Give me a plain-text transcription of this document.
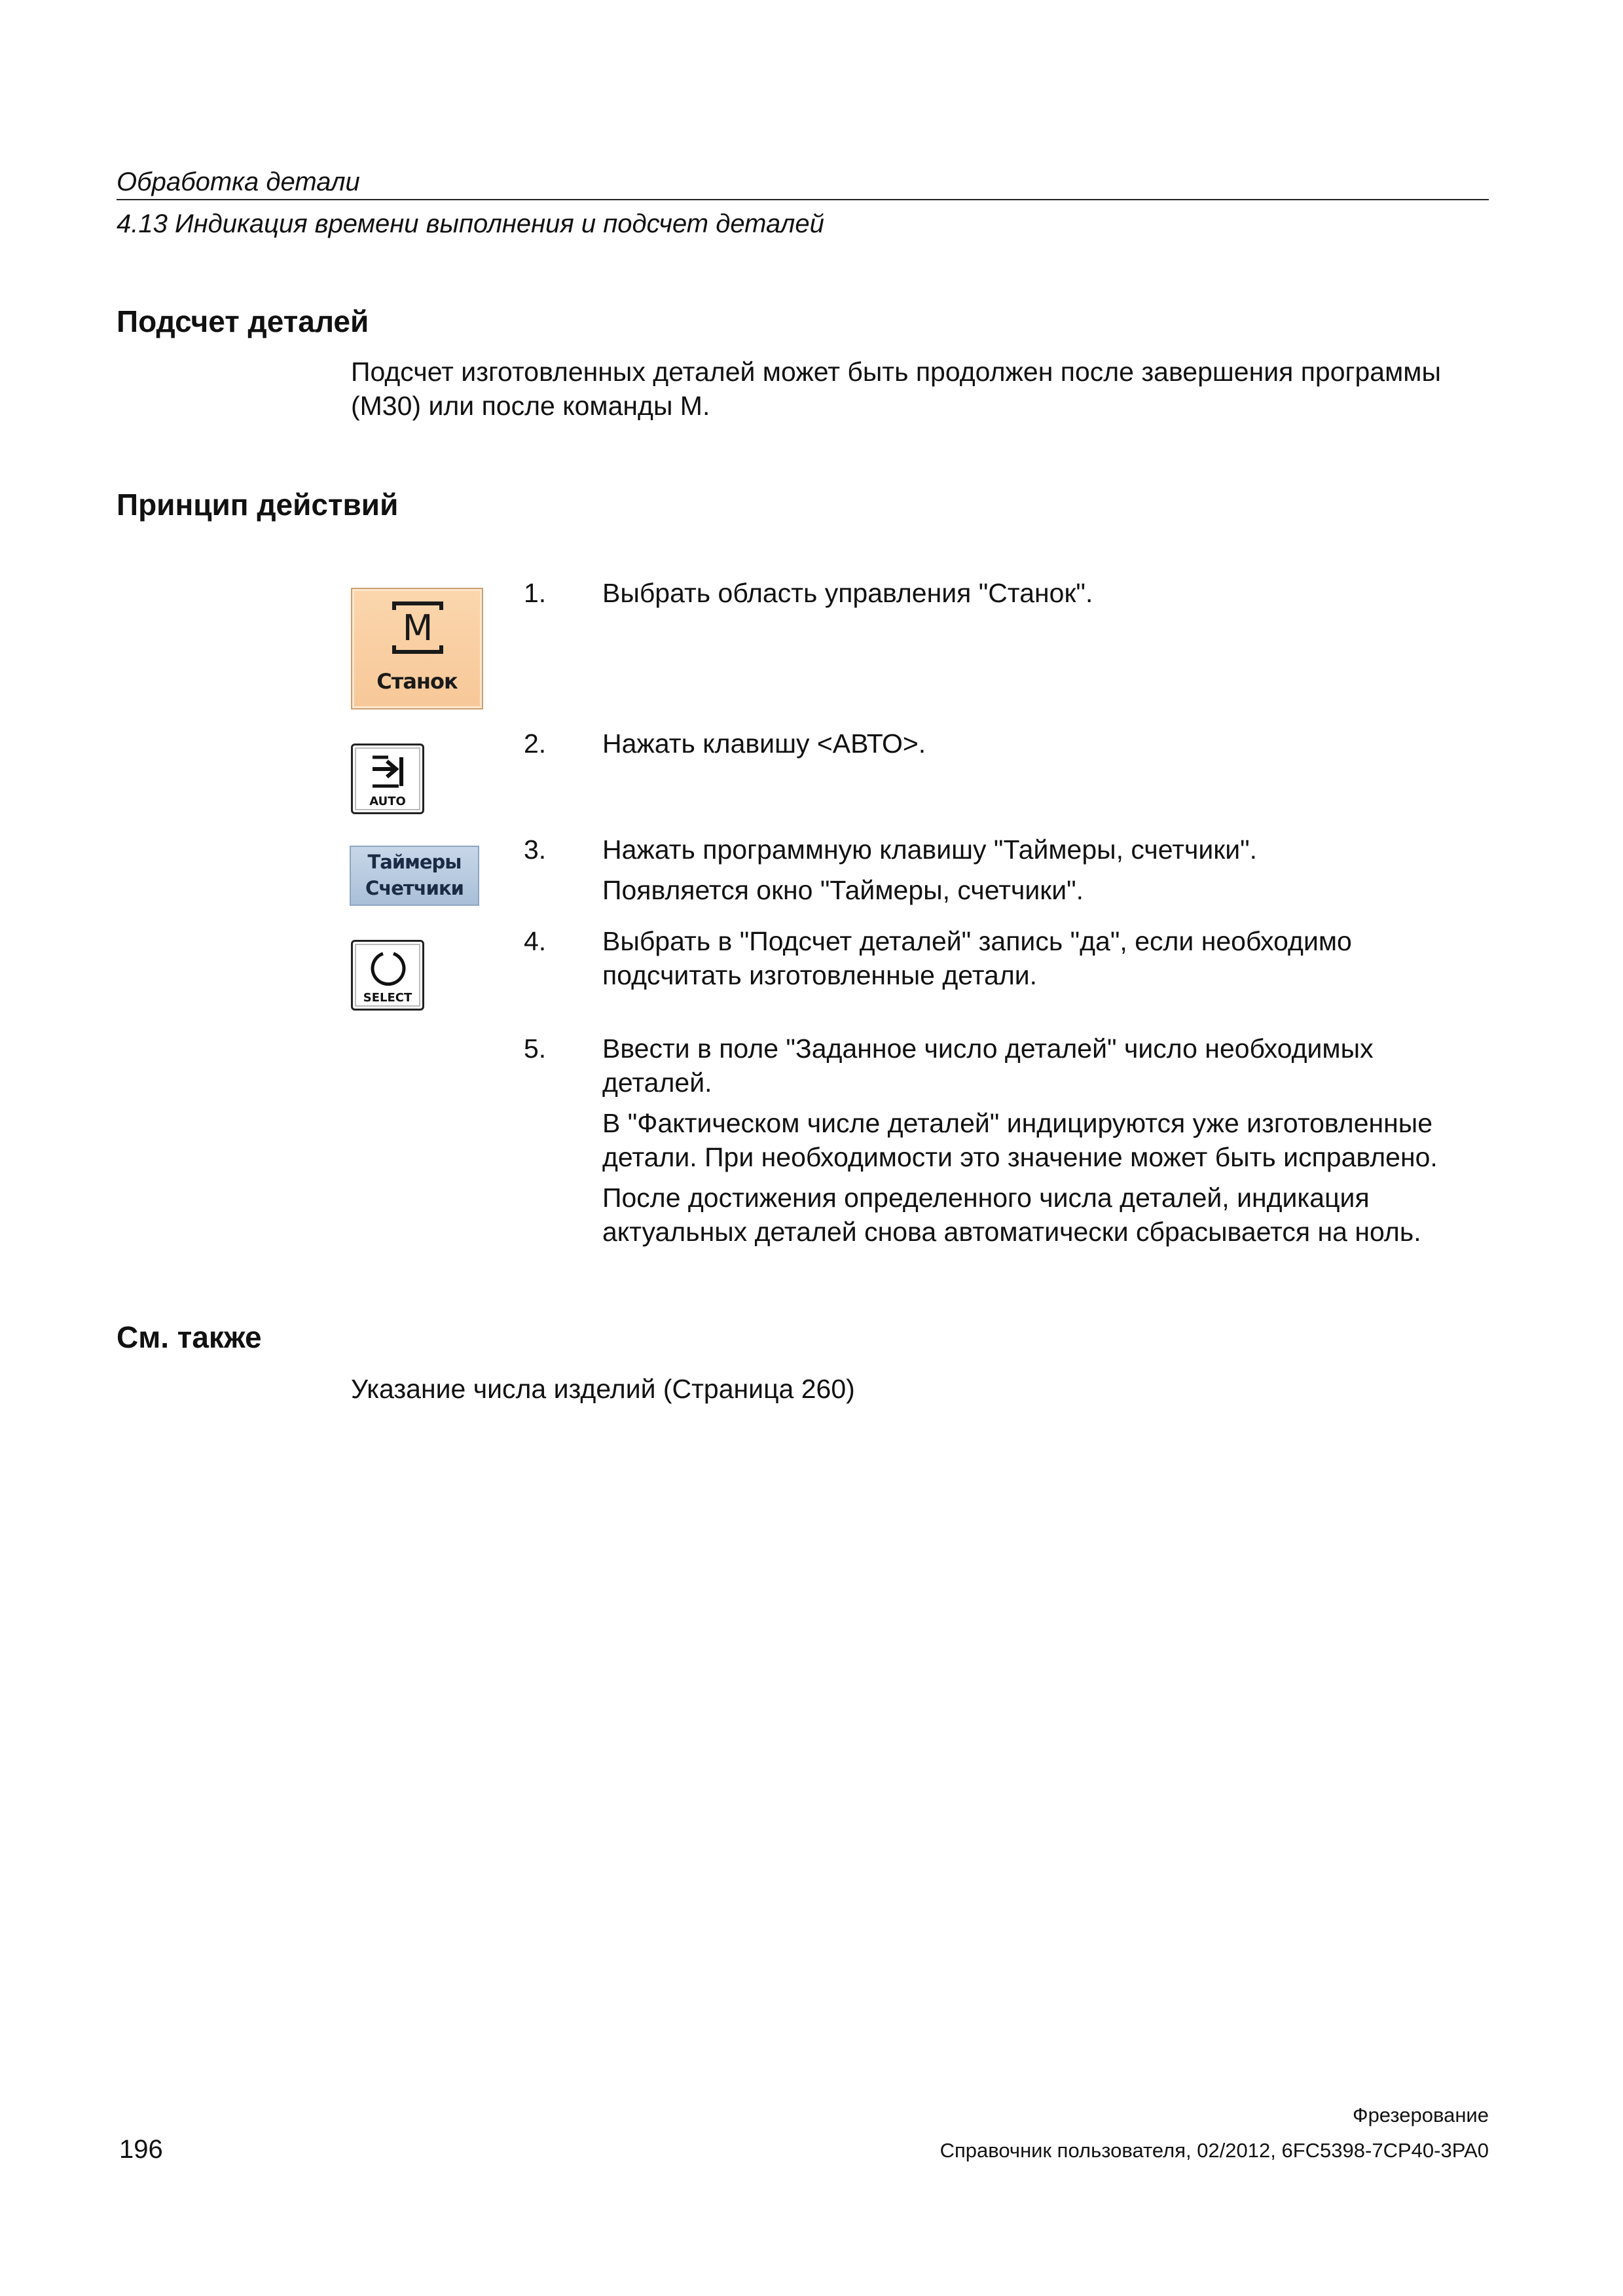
Обработка детали
4.13 Индикация времени выполнения и подсчет деталей
Подсчет деталей
Подсчет изготовленных деталей может быть продолжен после завершения программы
(M30) или после команды M.
Принцип действий
M
Станок
AUTO
Таймеры
Счетчики
SELECT
1. Выбрать область управления "Станок".
2. Нажать клавишу <АВТО>.
3. Нажать программную клавишу "Таймеры, счетчики".
Появляется окно "Таймеры, счетчики".
4. Выбрать в "Подсчет деталей" запись "да", если необходимо
подсчитать изготовленные детали.
5. Ввести в поле "Заданное число деталей" число необходимых
деталей.
В "Фактическом числе деталей" индицируются уже изготовленные
детали. При необходимости это значение может быть исправлено.
После достижения определенного числа деталей, индикация
актуальных деталей снова автоматически сбрасывается на ноль.
См. также
Указание числа изделий (Страница 260)
Фрезерование
196	Справочник пользователя, 02/2012, 6FC5398-7CP40-3PA0
